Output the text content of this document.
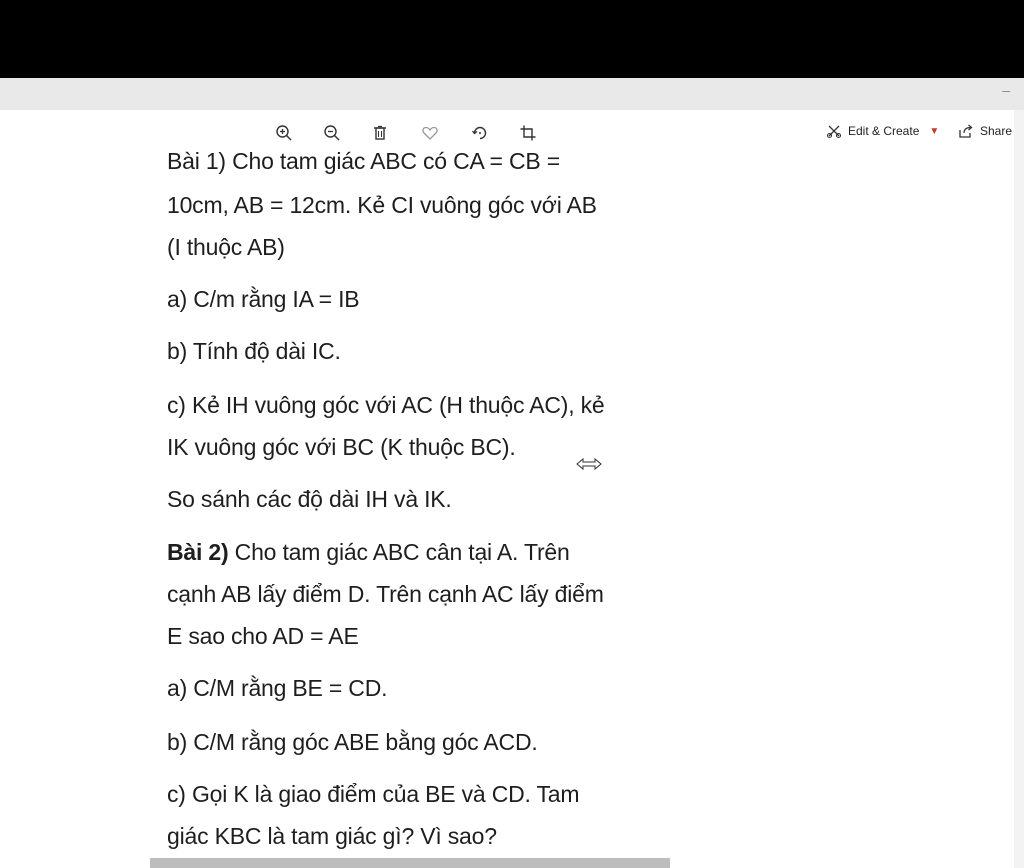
–
Edit & Create ▼	Share
Bài 1) Cho tam giác ABC có CA = CB =
10cm, AB = 12cm. Kẻ CI vuông góc với AB
(I thuộc AB)
a) C/m rằng IA = IB
b) Tính độ dài IC.
c) Kẻ IH vuông góc với AC (H thuộc AC), kẻ
IK vuông góc với BC (K thuộc BC).
So sánh các độ dài IH và IK.
Bài 2) Cho tam giác ABC cân tại A. Trên
cạnh AB lấy điểm D. Trên cạnh AC lấy điểm
E sao cho AD = AE
a) C/M rằng BE = CD.
b) C/M rằng góc ABE bằng góc ACD.
c) Gọi K là giao điểm của BE và CD. Tam
giác KBC là tam giác gì? Vì sao?
